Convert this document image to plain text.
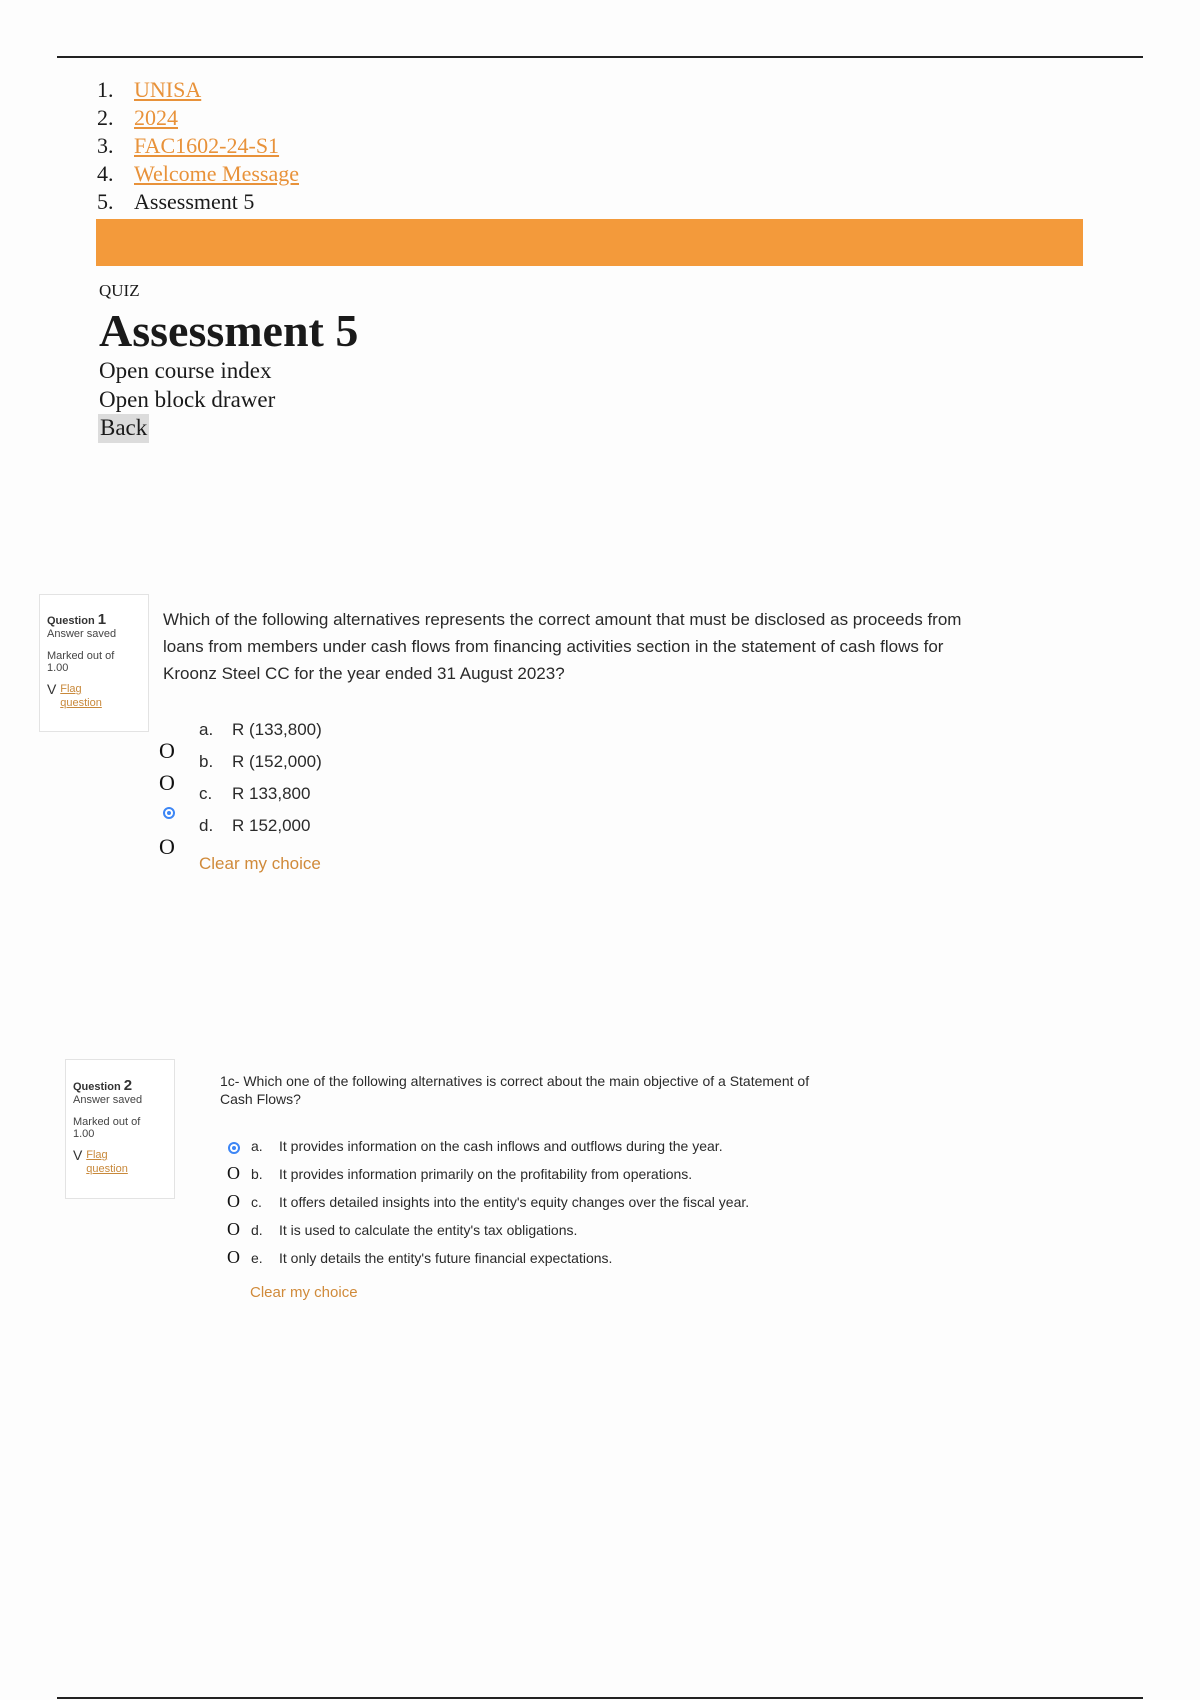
1. UNISA
2. 2024
3. FAC1602-24-S1
4. Welcome Message
5. Assessment 5
QUIZ
Assessment 5
Open course index
Open block drawer
Back
Question 1
Answer saved
Marked out of 1.00
V Flag question
Which of the following alternatives represents the correct amount that must be disclosed as proceeds from loans from members under cash flows from financing activities section in the statement of cash flows for Kroonz Steel CC for the year ended 31 August 2023?
O
O
O
a.	R (133,800)
b.	R (152,000)
c.	R 133,800
d.	R 152,000
Clear my choice
Question 2
Answer saved
Marked out of 1.00
V Flag question
1c- Which one of the following alternatives is correct about the main objective of a Statement of Cash Flows?
O
O
O
O
a.	It provides information on the cash inflows and outflows during the year.
b.	It provides information primarily on the profitability from operations.
c.	It offers detailed insights into the entity's equity changes over the fiscal year.
d.	It is used to calculate the entity's tax obligations.
e.	It only details the entity's future financial expectations.
Clear my choice
